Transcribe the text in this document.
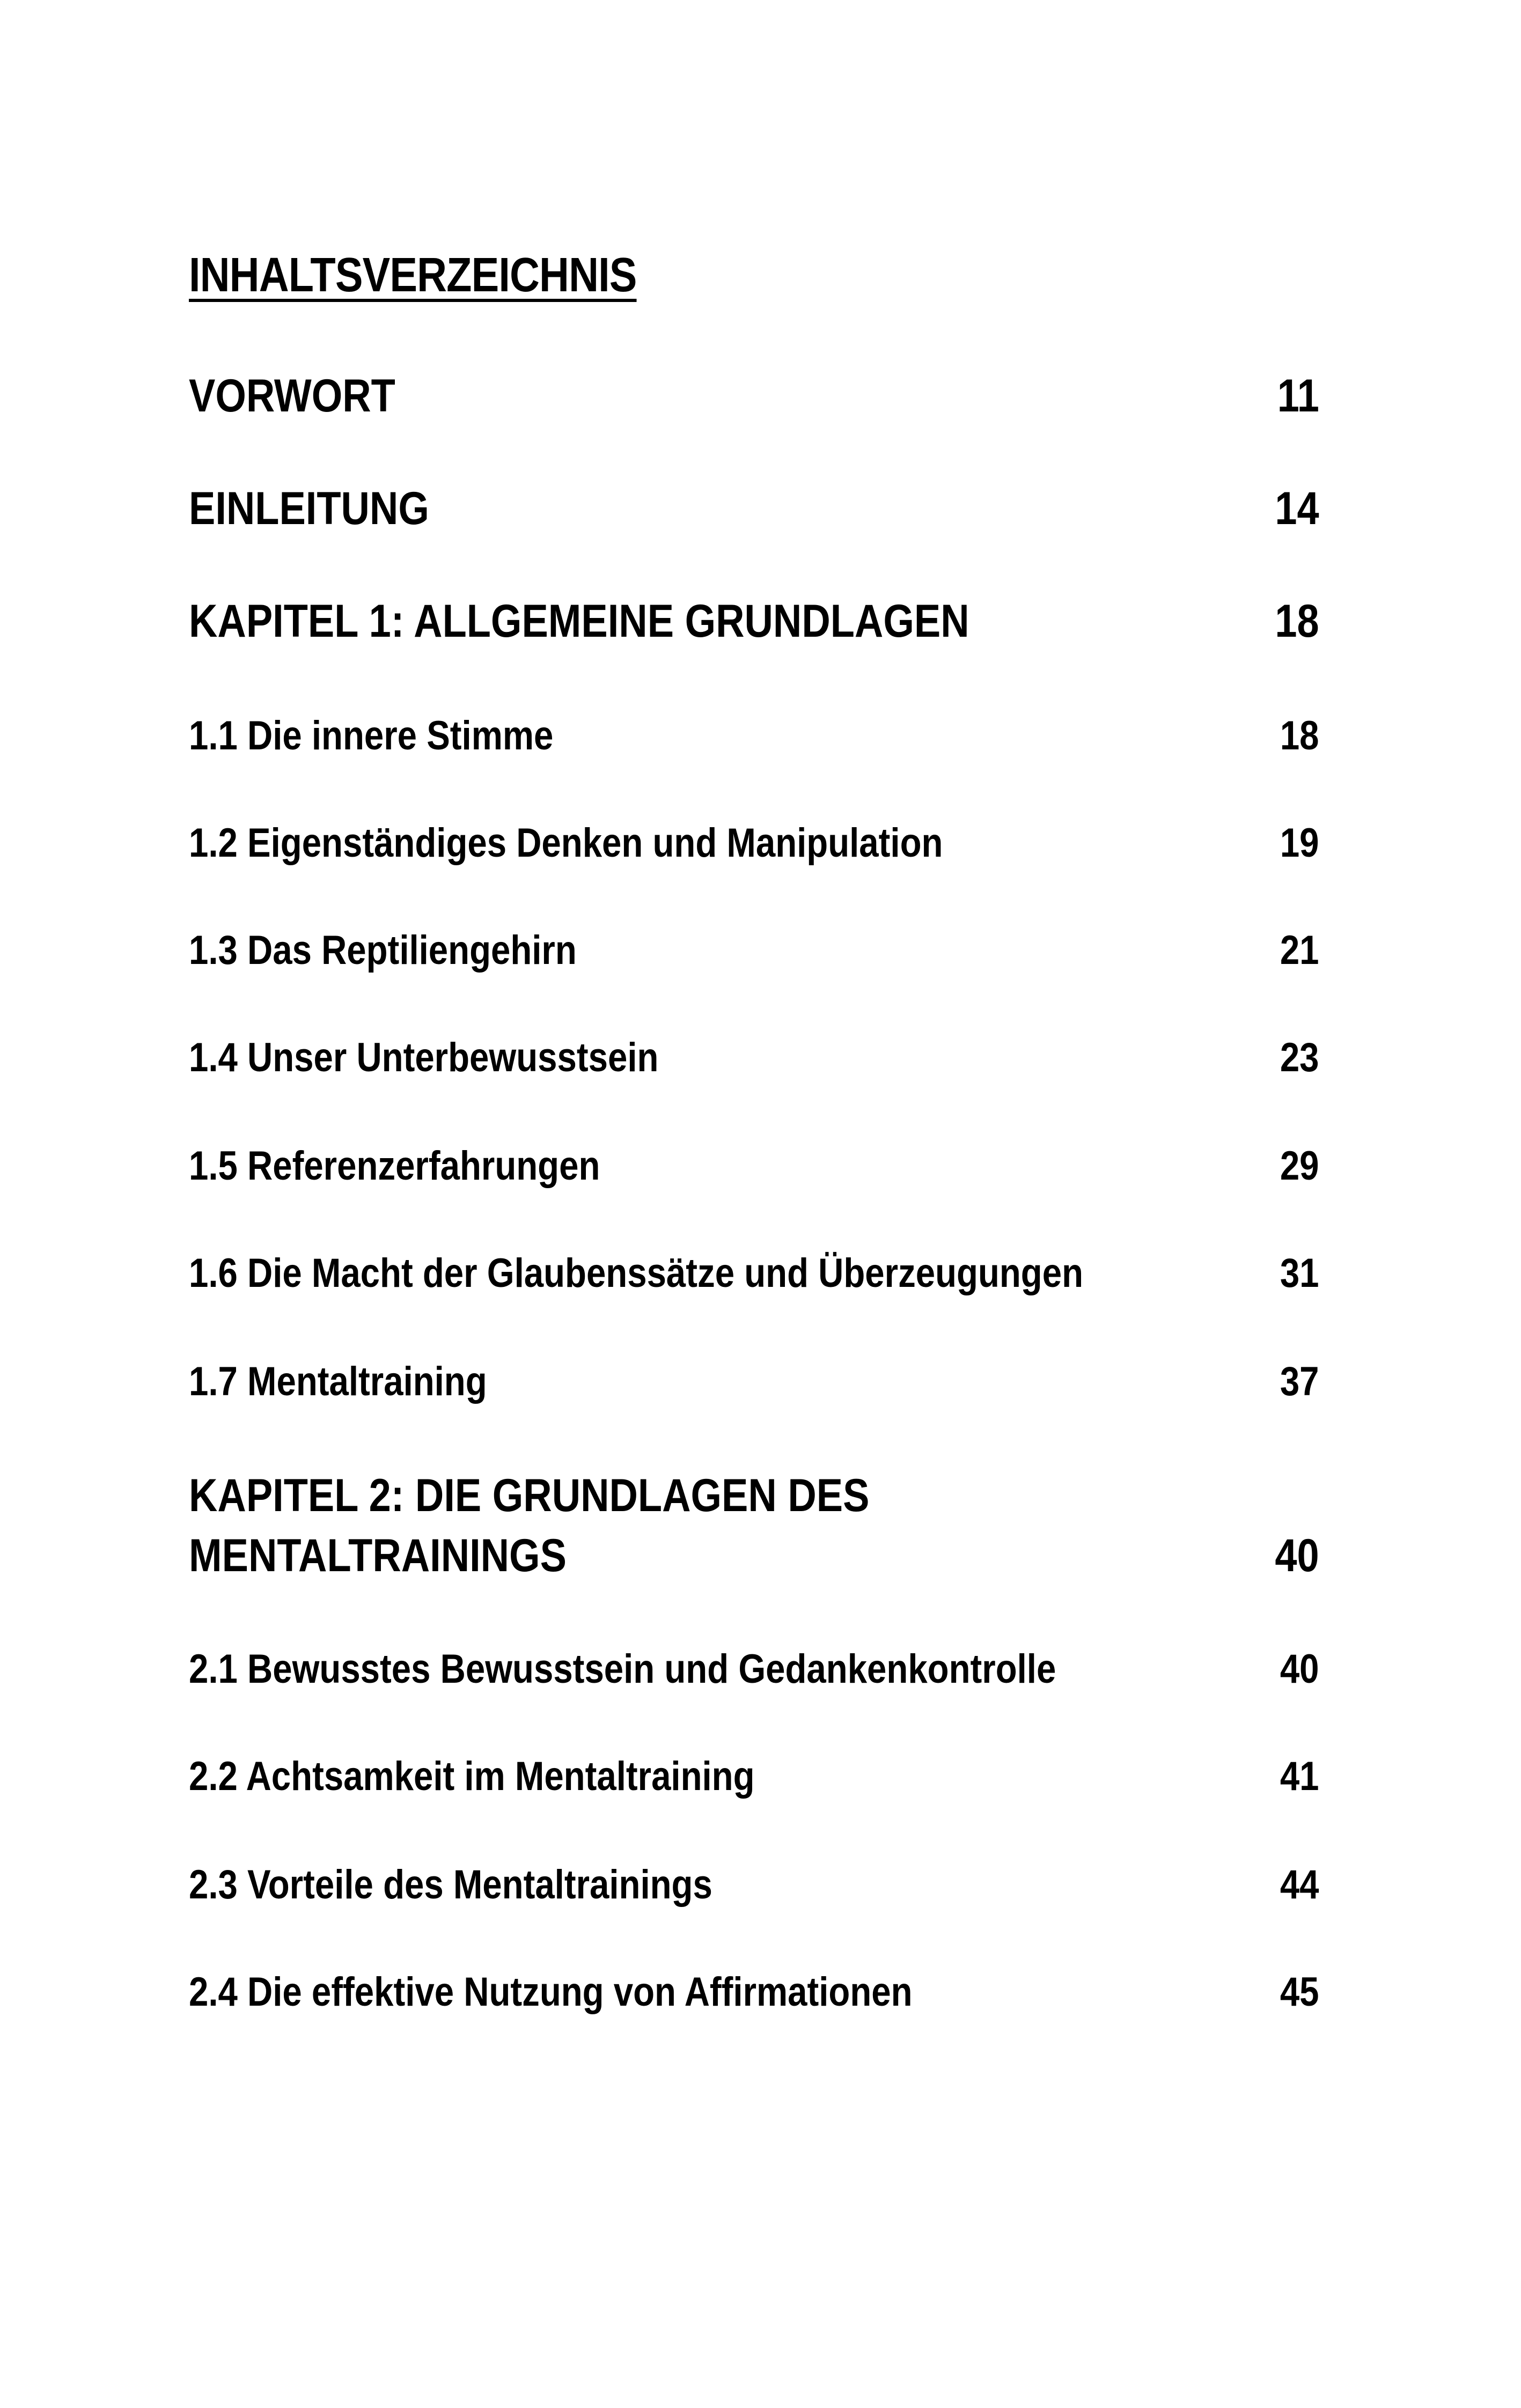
INHALTSVERZEICHNIS
VORWORT	11
EINLEITUNG	14
KAPITEL 1: ALLGEMEINE GRUNDLAGEN	18
1.1 Die innere Stimme	18
1.2 Eigenständiges Denken und Manipulation	19
1.3 Das Reptiliengehirn	21
1.4 Unser Unterbewusstsein	23
1.5 Referenzerfahrungen	29
1.6 Die Macht der Glaubenssätze und Überzeugungen	31
1.7 Mentaltraining	37
KAPITEL 2: DIE GRUNDLAGEN DES
MENTALTRAININGS	40
2.1 Bewusstes Bewusstsein und Gedankenkontrolle	40
2.2 Achtsamkeit im Mentaltraining	41
2.3 Vorteile des Mentaltrainings	44
2.4 Die effektive Nutzung von Affirmationen	45
